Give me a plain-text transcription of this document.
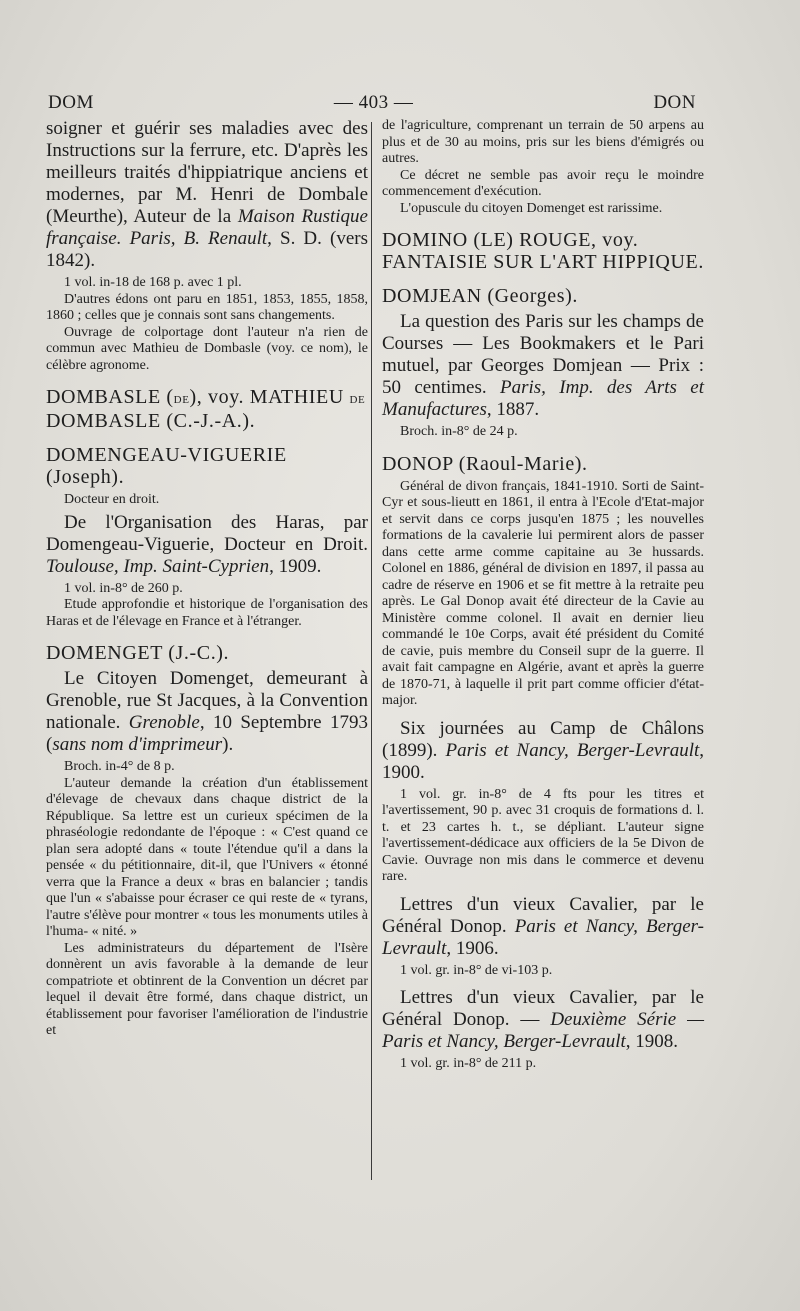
DOM	— 403 —	DON

soigner et guérir ses maladies avec des Instructions sur la ferrure, etc. D'après les meilleurs traités d'hippiatrique anciens et modernes, par M. Henri de Dombale (Meurthe), Auteur de la Maison Rustique française. Paris, B. Renault, S. D. (vers 1842).

1 vol. in-18 de 168 p. avec 1 pl.

D'autres édons ont paru en 1851, 1853, 1855, 1858, 1860 ; celles que je connais sont sans changements.

Ouvrage de colportage dont l'auteur n'a rien de commun avec Mathieu de Dombasle (voy. ce nom), le célèbre agronome.

DOMBASLE (de), voy. MATHIEU de DOMBASLE (C.-J.-A.).

DOMENGEAU-VIGUERIE (Joseph).

Docteur en droit.

De l'Organisation des Haras, par Domengeau-Viguerie, Docteur en Droit. Toulouse, Imp. Saint-Cyprien, 1909.

1 vol. in-8° de 260 p.

Etude approfondie et historique de l'organisation des Haras et de l'élevage en France et à l'étranger.

DOMENGET (J.-C.).

Le Citoyen Domenget, demeurant à Grenoble, rue St Jacques, à la Convention nationale. Grenoble, 10 Septembre 1793 (sans nom d'imprimeur).

Broch. in-4° de 8 p.

L'auteur demande la création d'un établissement d'élevage de chevaux dans chaque district de la République. Sa lettre est un curieux spécimen de la phraséologie redondante de l'époque : « C'est quand ce plan sera adopté dans « toute l'étendue qu'il a dans la pensée « du pétitionnaire, dit-il, que l'Univers « étonné verra que la France a deux « bras en balancier ; tandis que l'un « s'abaisse pour écraser ce qui reste de « tyrans, l'autre s'élève pour montrer « tous les monuments utiles à l'huma- « nité. »

Les administrateurs du département de l'Isère donnèrent un avis favorable à la demande de leur compatriote et obtinrent de la Convention un décret par lequel il devait être formé, dans chaque district, un établissement pour favoriser l'amélioration de l'industrie et

de l'agriculture, comprenant un terrain de 50 arpens au plus et de 30 au moins, pris sur les biens d'émigrés ou autres.

Ce décret ne semble pas avoir reçu le moindre commencement d'exécution.

L'opuscule du citoyen Domenget est rarissime.

DOMINO (LE) ROUGE, voy. FANTAISIE SUR L'ART HIPPIQUE.

DOMJEAN (Georges).

La question des Paris sur les champs de Courses — Les Bookmakers et le Pari mutuel, par Georges Domjean — Prix : 50 centimes. Paris, Imp. des Arts et Manufactures, 1887.

Broch. in-8° de 24 p.

DONOP (Raoul-Marie).

Général de divon français, 1841-1910. Sorti de Saint-Cyr et sous-lieutt en 1861, il entra à l'Ecole d'Etat-major et servit dans ce corps jusqu'en 1875 ; les nouvelles formations de la cavalerie lui permirent alors de passer dans cette arme comme capitaine au 3e hussards. Colonel en 1886, général de division en 1897, il passa au cadre de réserve en 1906 et se fit mettre à la retraite peu après. Le Gal Donop avait été directeur de la Cavie au Ministère comme colonel. Il avait en dernier lieu commandé le 10e Corps, avait été président du Comité de cavie, puis membre du Conseil supr de la guerre. Il avait fait campagne en Algérie, avant et après la guerre de 1870-71, à laquelle il prit part comme officier d'état-major.

Six journées au Camp de Châlons (1899). Paris et Nancy, Berger-Levrault, 1900.

1 vol. gr. in-8° de 4 fts pour les titres et l'avertissement, 90 p. avec 31 croquis de formations d. l. t. et 23 cartes h. t., se dépliant. L'auteur signe l'avertissement-dédicace aux officiers de la 5e Divon de Cavie. Ouvrage non mis dans le commerce et devenu rare.

Lettres d'un vieux Cavalier, par le Général Donop. Paris et Nancy, Berger-Levrault, 1906.

1 vol. gr. in-8° de vi-103 p.

Lettres d'un vieux Cavalier, par le Général Donop. — Deuxième Série — Paris et Nancy, Berger-Levrault, 1908.

1 vol. gr. in-8° de 211 p.
